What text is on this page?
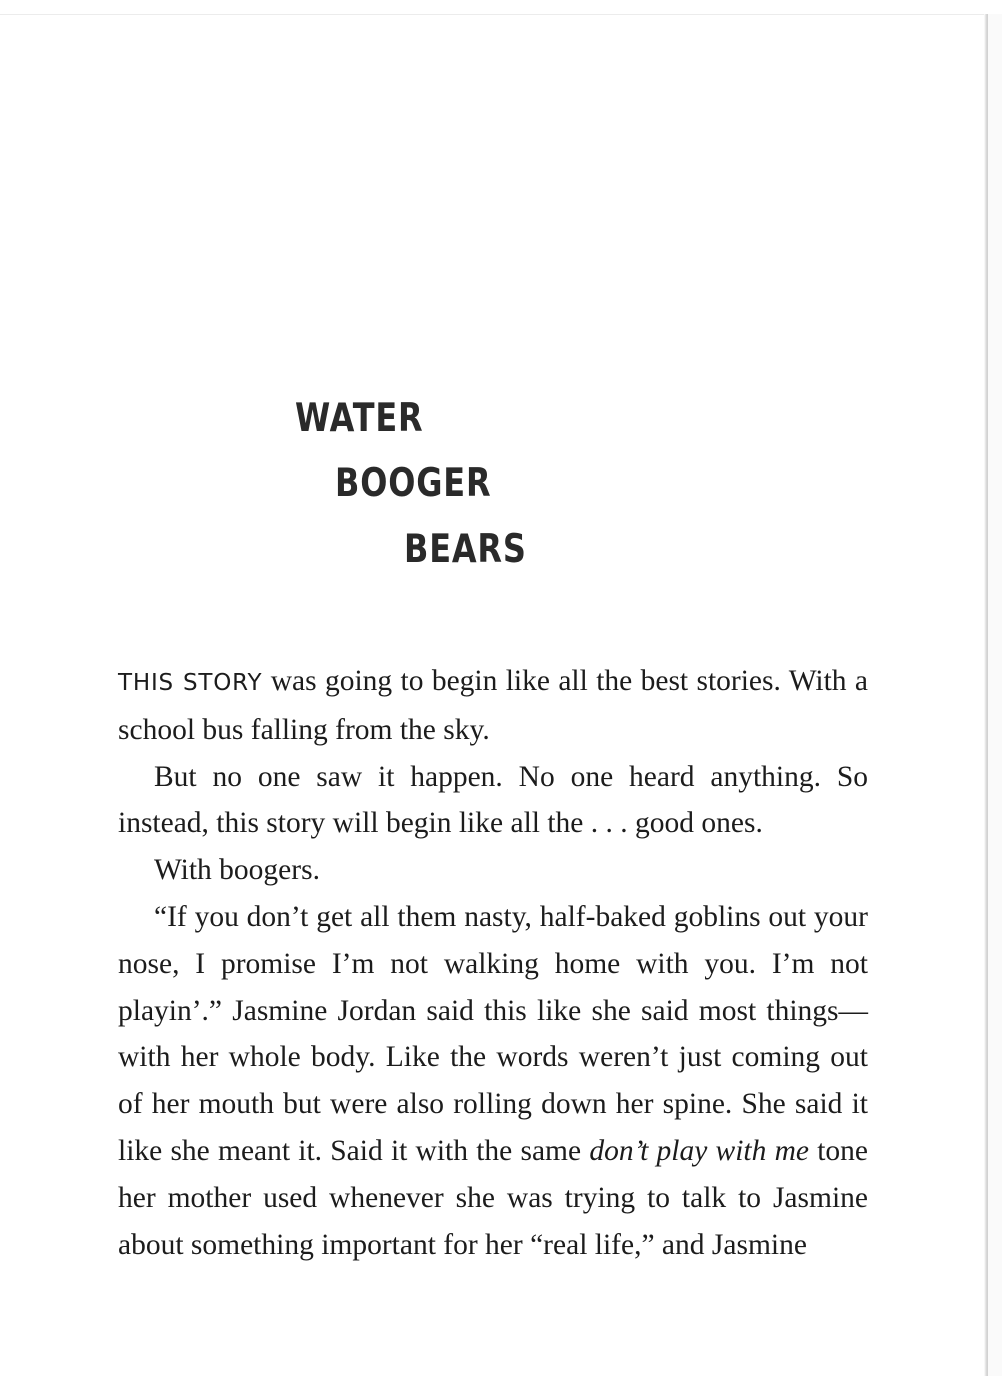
WATER
BOOGER
BEARS

THIS STORY was going to begin like all the best stories. With a school bus falling from the sky.

But no one saw it happen. No one heard anything. So instead, this story will begin like all the . . . good ones.

With boogers.

“If you don’t get all them nasty, half-baked goblins out your nose, I promise I’m not walking home with you. I’m not playin’.” Jasmine Jordan said this like she said most things—with her whole body. Like the words weren’t just coming out of her mouth but were also rolling down her spine. She said it like she meant it. Said it with the same don’t play with me tone her mother used whenever she was trying to talk to Jasmine about something important for her “real life,” and Jasmine
